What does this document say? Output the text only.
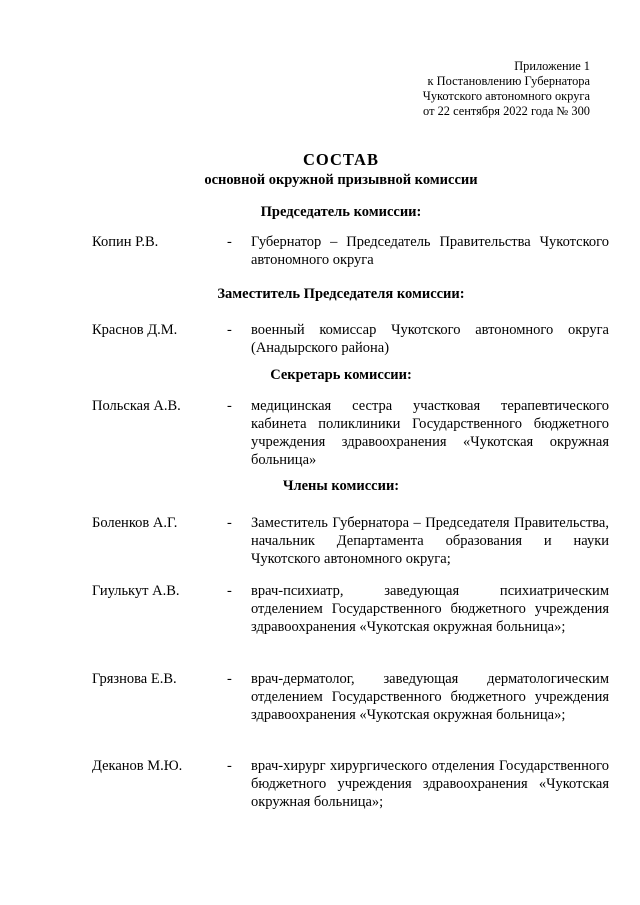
Приложение 1
к Постановлению Губернатора
Чукотского автономного округа
от 22 сентября 2022 года № 300
СОСТАВ
основной окружной призывной комиссии
Председатель комиссии:
Копин Р.В.	- Губернатор – Председатель Правительства Чукотского автономного округа
Заместитель Председателя комиссии:
Краснов Д.М.	- военный комиссар Чукотского автономного округа (Анадырского района)
Секретарь комиссии:
Польская А.В.	- медицинская сестра участковая терапевтического кабинета поликлиники Государственного бюджетного учреждения здравоохранения «Чукотская окружная больница»
Члены комиссии:
Боленков А.Г.	- Заместитель Губернатора – Председателя Правительства, начальник Департамента образования и науки Чукотского автономного округа;
Гиулькут А.В.	- врач-психиатр, заведующая психиатрическим отделением Государственного бюджетного учреждения здравоохранения «Чукотская окружная больница»;
Грязнова Е.В.	- врач-дерматолог, заведующая дерматологическим отделением Государственного бюджетного учреждения здравоохранения «Чукотская окружная больница»;
Деканов М.Ю.	- врач-хирург хирургического отделения Государственного бюджетного учреждения здравоохранения «Чукотская окружная больница»;
